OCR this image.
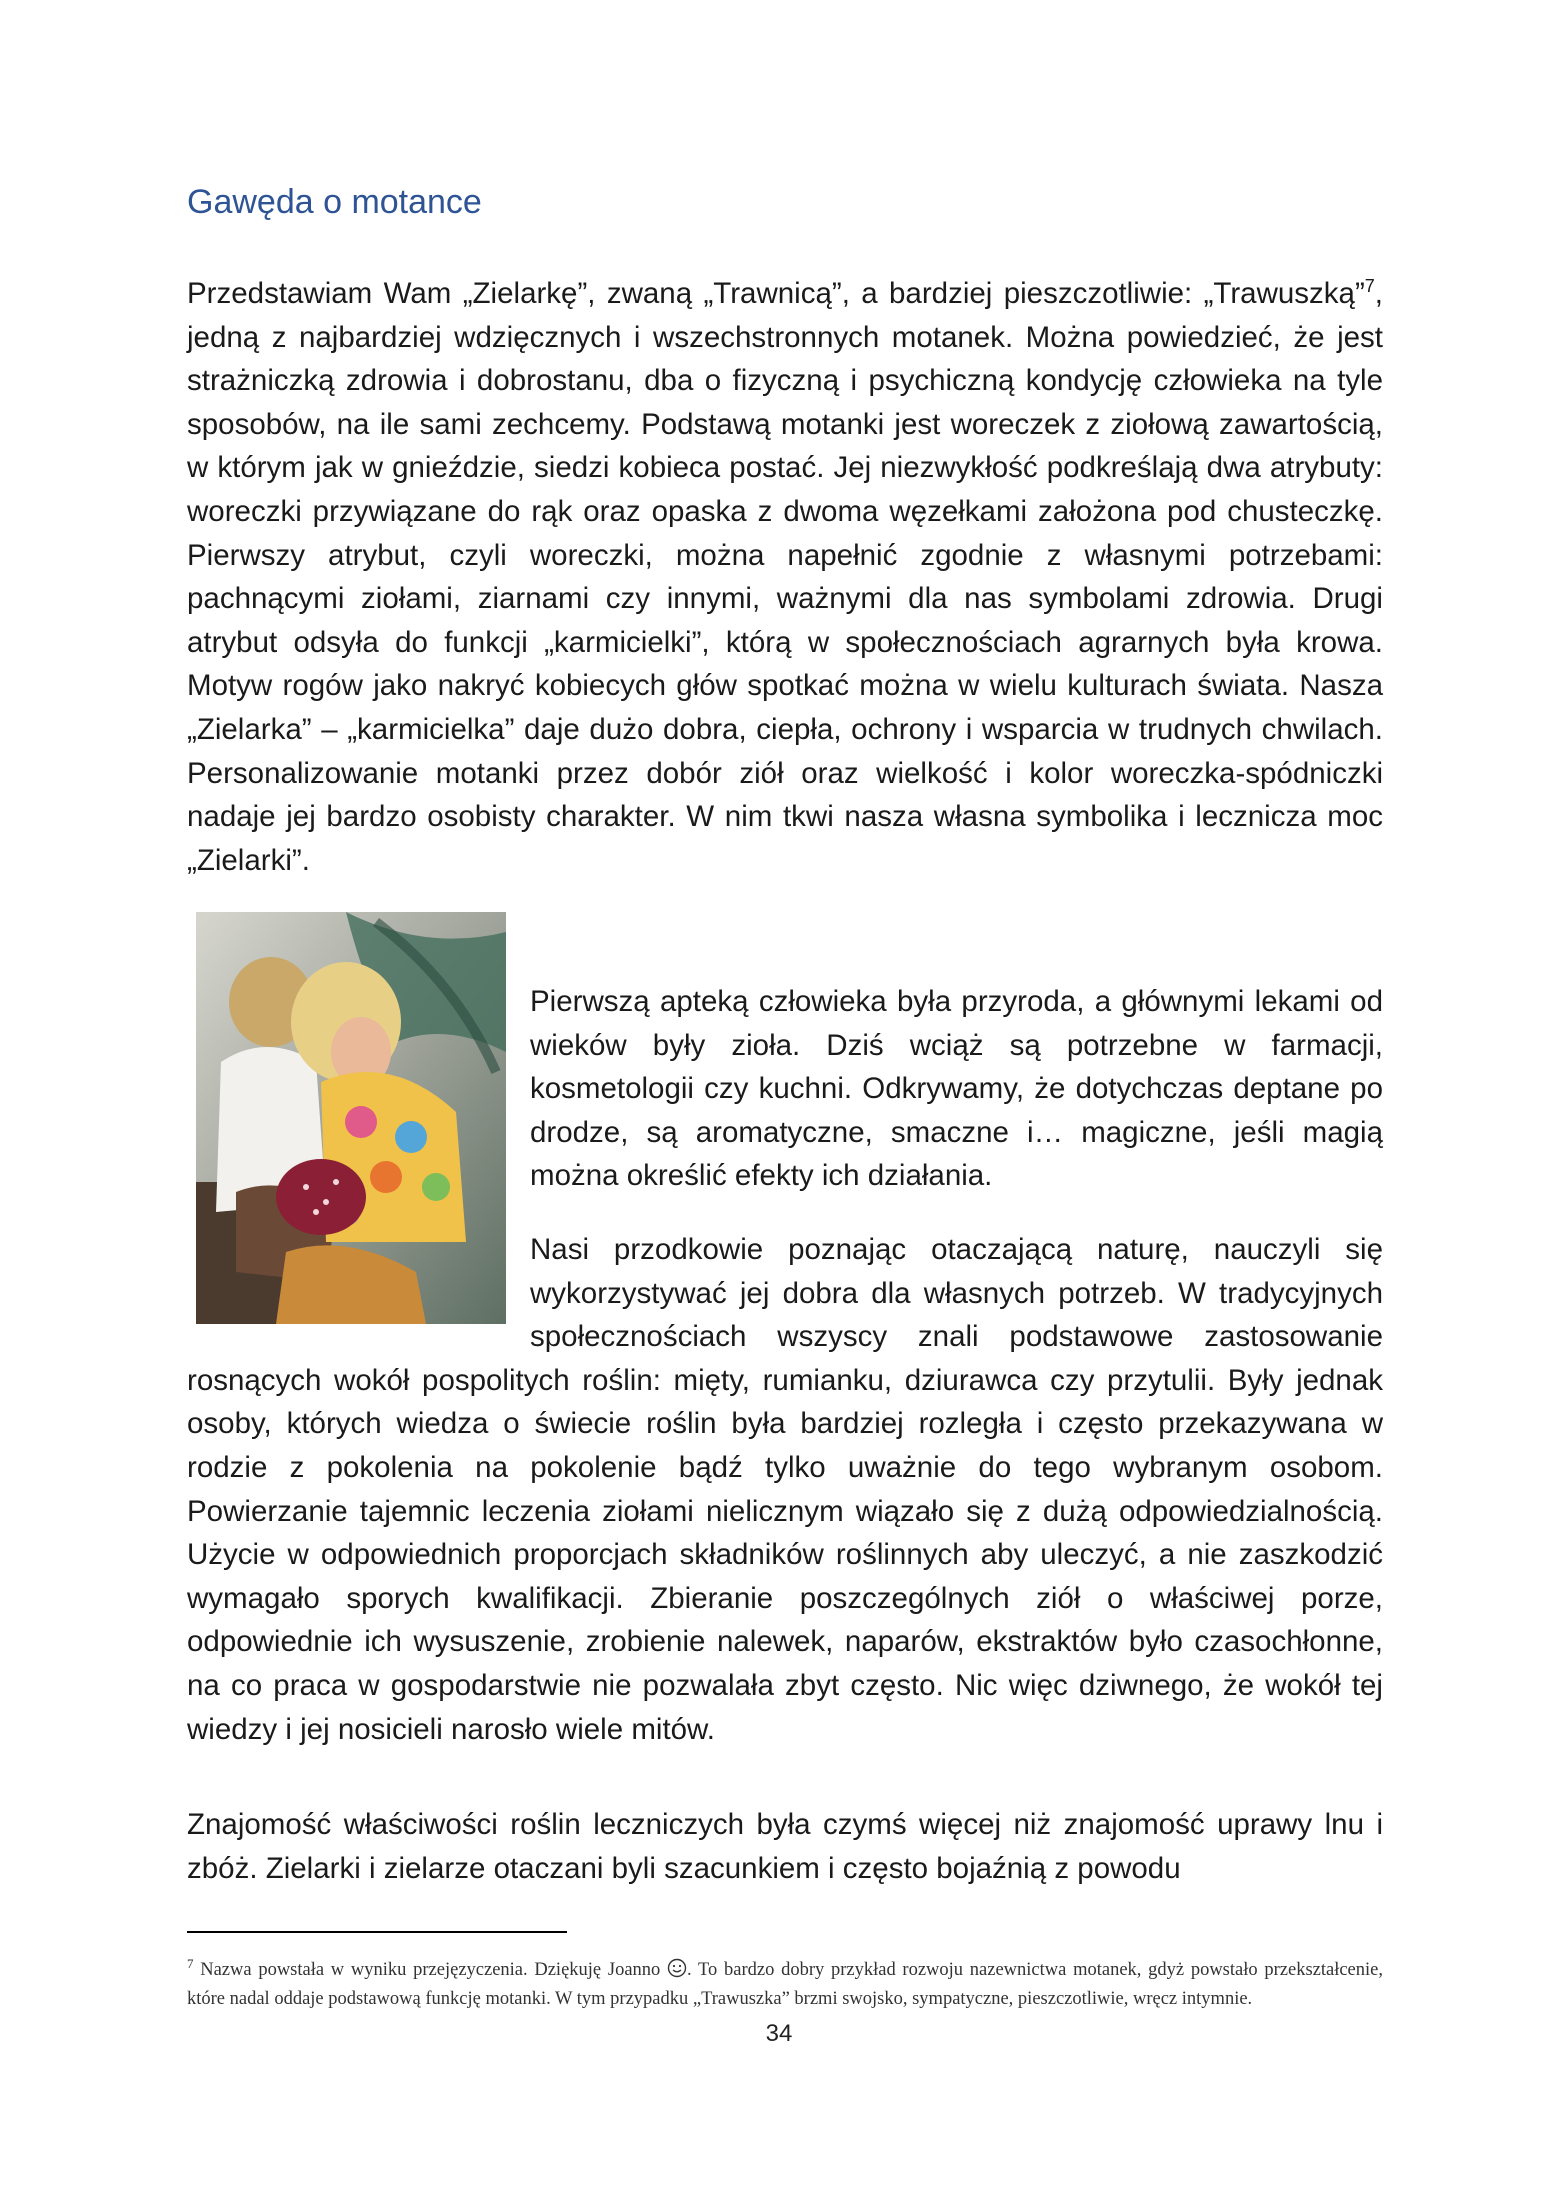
Gawęda o motance

Przedstawiam Wam „Zielarkę”, zwaną „Trawnicą”, a bardziej pieszczotliwie: „Trawuszką”$^7$, jedną z najbardziej wdzięcznych i wszechstronnych motanek. Można powiedzieć, że jest strażniczką zdrowia i dobrostanu, dba o fizyczną i psychiczną kondycję człowieka na tyle sposobów, na ile sami zechcemy. Podstawą motanki jest woreczek z ziołową zawartością, w którym jak w gnieździe, siedzi kobieca postać. Jej niezwykłość podkreślają dwa atrybuty: woreczki przywiązane do rąk oraz opaska z dwoma węzełkami założona pod chusteczkę. Pierwszy atrybut, czyli woreczki, można napełnić zgodnie z własnymi potrzebami: pachnącymi ziołami, ziarnami czy innymi, ważnymi dla nas symbolami zdrowia. Drugi atrybut odsyła do funkcji „karmicielki”, którą w społecznościach agrarnych była krowa. Motyw rogów jako nakryć kobiecych głów spotkać można w wielu kulturach świata. Nasza „Zielarka” – „karmicielka” daje dużo dobra, ciepła, ochrony i wsparcia w trudnych chwilach. Personalizowanie motanki przez dobór ziół oraz wielkość i kolor woreczka-spódniczki nadaje jej bardzo osobisty charakter. W nim tkwi nasza własna symbolika i lecznicza moc „Zielarki”.

Pierwszą apteką człowieka była przyroda, a głównymi lekami od wieków były zioła. Dziś wciąż są potrzebne w farmacji, kosmetologii czy kuchni. Odkrywamy, że dotychczas deptane po drodze, są aromatyczne, smaczne i… magiczne, jeśli magią można określić efekty ich działania.

Nasi przodkowie poznając otaczającą naturę, nauczyli się wykorzystywać jej dobra dla własnych potrzeb. W tradycyjnych społecznościach wszyscy znali podstawowe zastosowanie rosnących wokół pospolitych roślin: mięty, rumianku, dziurawca czy przytulii. Były jednak osoby, których wiedza o świecie roślin była bardziej rozległa i często przekazywana w rodzie z pokolenia na pokolenie bądź tylko uważnie do tego wybranym osobom. Powierzanie tajemnic leczenia ziołami nielicznym wiązało się z dużą odpowiedzialnością. Użycie w odpowiednich proporcjach składników roślinnych aby uleczyć, a nie zaszkodzić wymagało sporych kwalifikacji. Zbieranie poszczególnych ziół o właściwej porze, odpowiednie ich wysuszenie, zrobienie nalewek, naparów, ekstraktów było czasochłonne, na co praca w gospodarstwie nie pozwalała zbyt często. Nic więc dziwnego, że wokół tej wiedzy i jej nosicieli narosło wiele mitów.

Znajomość właściwości roślin leczniczych była czymś więcej niż znajomość uprawy lnu i zbóż. Zielarki i zielarze otaczani byli szacunkiem i często bojaźnią z powodu

$^7$ Nazwa powstała w wyniku przejęzyczenia. Dziękuję Joanno . To bardzo dobry przykład rozwoju nazewnictwa motanek, gdyż powstało przekształcenie, które nadal oddaje podstawową funkcję motanki. W tym przypadku „Trawuszka” brzmi swojsko, sympatyczne, pieszczotliwie, wręcz intymnie.

34
